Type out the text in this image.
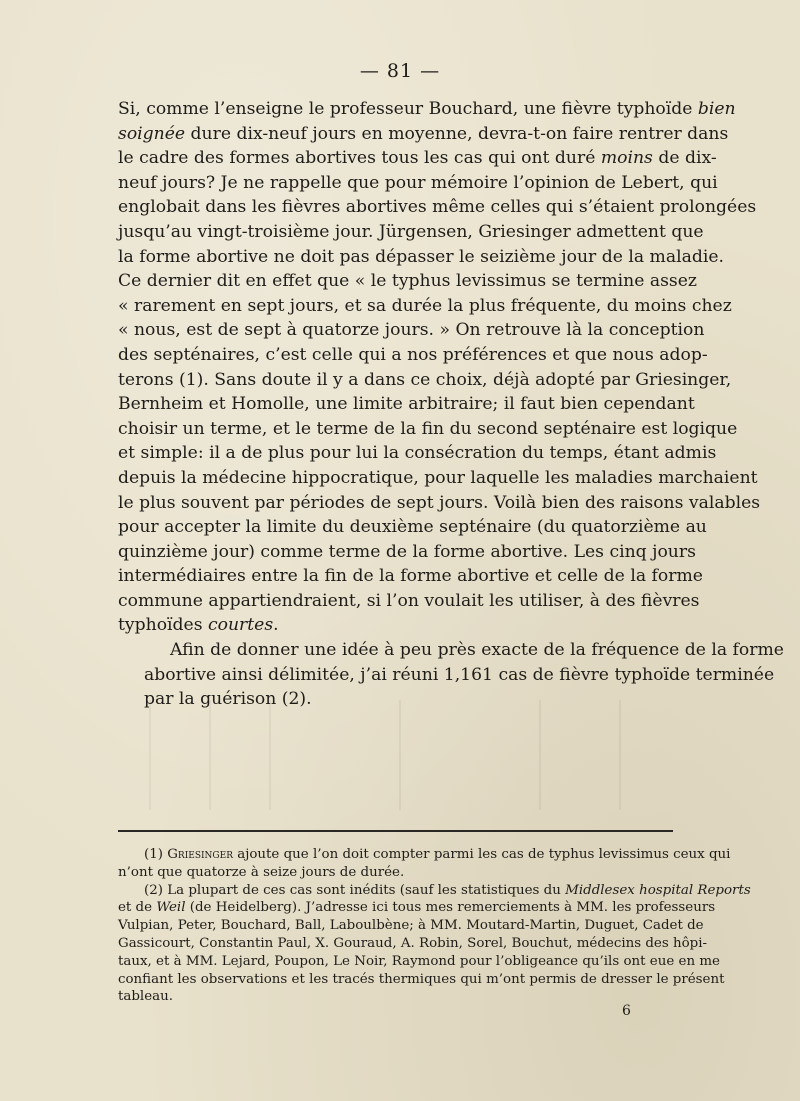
— 81 —

Si, comme l’enseigne le professeur Bouchard, une fièvre typhoïde bien
soignée dure dix-neuf jours en moyenne, devra-t-on faire rentrer dans
le cadre des formes abortives tous les cas qui ont duré moins de dix-
neuf jours? Je ne rappelle que pour mémoire l’opinion de Lebert, qui
englobait dans les fièvres abortives même celles qui s’étaient prolongées
jusqu’au vingt-troisième jour. Jürgensen, Griesinger admettent que
la forme abortive ne doit pas dépasser le seizième jour de la maladie.
Ce dernier dit en effet que « le typhus levissimus se termine assez
« rarement en sept jours, et sa durée la plus fréquente, du moins chez
« nous, est de sept à quatorze jours. » On retrouve là la conception
des septénaires, c’est celle qui a nos préférences et que nous adop-
terons (1). Sans doute il y a dans ce choix, déjà adopté par Griesinger,
Bernheim et Homolle, une limite arbitraire; il faut bien cependant
choisir un terme, et le terme de la fin du second septénaire est logique
et simple: il a de plus pour lui la consécration du temps, étant admis
depuis la médecine hippocratique, pour laquelle les maladies marchaient
le plus souvent par périodes de sept jours. Voilà bien des raisons valables
pour accepter la limite du deuxième septénaire (du quatorzième au
quinzième jour) comme terme de la forme abortive. Les cinq jours
intermédiaires entre la fin de la forme abortive et celle de la forme
commune appartiendraient, si l’on voulait les utiliser, à des fièvres
typhoïdes courtes.

Afin de donner une idée à peu près exacte de la fréquence de la forme
abortive ainsi délimitée, j’ai réuni 1,161 cas de fièvre typhoïde terminée
par la guérison (2).

(1) Griesinger ajoute que l’on doit compter parmi les cas de typhus levissimus ceux qui
n’ont que quatorze à seize jours de durée.
(2) La plupart de ces cas sont inédits (sauf les statistiques du Middlesex hospital Reports
et de Weil (de Heidelberg). J’adresse ici tous mes remerciements à MM. les professeurs
Vulpian, Peter, Bouchard, Ball, Laboulbène; à MM. Moutard-Martin, Duguet, Cadet de
Gassicourt, Constantin Paul, X. Gouraud, A. Robin, Sorel, Bouchut, médecins des hôpi-
taux, et à MM. Lejard, Poupon, Le Noir, Raymond pour l’obligeance qu’ils ont eue en me
confiant les observations et les tracés thermiques qui m’ont permis de dresser le présent
tableau.
6
